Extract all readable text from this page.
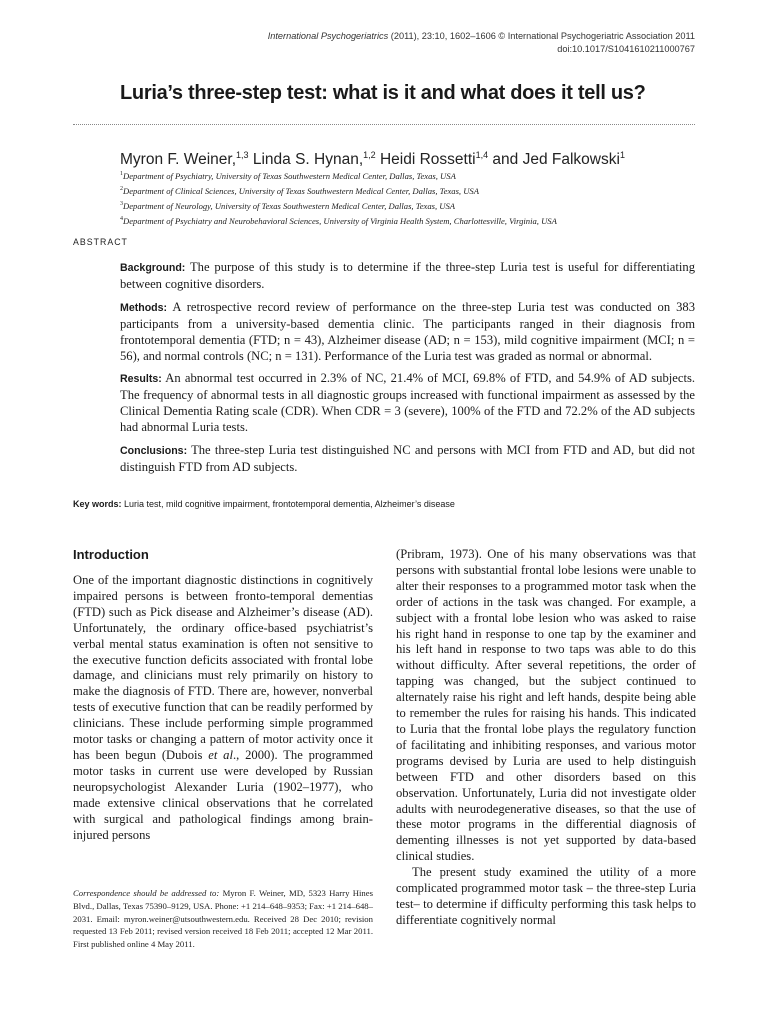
International Psychogeriatrics (2011), 23:10, 1602–1606 © International Psychogeriatric Association 2011
doi:10.1017/S1041610211000767
Luria’s three-step test: what is it and what does it tell us?
Myron F. Weiner,$^{1,3}$ Linda S. Hynan,$^{1,2}$ Heidi Rossetti$^{1,4}$ and Jed Falkowski$^1$
$^1$Department of Psychiatry, University of Texas Southwestern Medical Center, Dallas, Texas, USA
$^2$Department of Clinical Sciences, University of Texas Southwestern Medical Center, Dallas, Texas, USA
$^3$Department of Neurology, University of Texas Southwestern Medical Center, Dallas, Texas, USA
$^4$Department of Psychiatry and Neurobehavioral Sciences, University of Virginia Health System, Charlottesville, Virginia, USA
ABSTRACT

Background: The purpose of this study is to determine if the three-step Luria test is useful for differentiating between cognitive disorders.

Methods: A retrospective record review of performance on the three-step Luria test was conducted on 383 participants from a university-based dementia clinic. The participants ranged in their diagnosis from frontotemporal dementia (FTD; n = 43), Alzheimer disease (AD; n = 153), mild cognitive impairment (MCI; n = 56), and normal controls (NC; n = 131). Performance of the Luria test was graded as normal or abnormal.

Results: An abnormal test occurred in 2.3% of NC, 21.4% of MCI, 69.8% of FTD, and 54.9% of AD subjects. The frequency of abnormal tests in all diagnostic groups increased with functional impairment as assessed by the Clinical Dementia Rating scale (CDR). When CDR = 3 (severe), 100% of the FTD and 72.2% of the AD subjects had abnormal Luria tests.

Conclusions: The three-step Luria test distinguished NC and persons with MCI from FTD and AD, but did not distinguish FTD from AD subjects.

Key words: Luria test, mild cognitive impairment, frontotemporal dementia, Alzheimer’s disease
Introduction

One of the important diagnostic distinctions in cognitively impaired persons is between fronto-temporal dementias (FTD) such as Pick disease and Alzheimer’s disease (AD). Unfortunately, the ordinary office-based psychiatrist’s verbal mental status examination is often not sensitive to the executive function deficits associated with frontal lobe damage, and clinicians must rely primarily on history to make the diagnosis of FTD. There are, however, nonverbal tests of executive function that can be readily performed by clinicians. These include performing simple programmed motor tasks or changing a pattern of motor activity once it has been begun (Dubois et al., 2000). The programmed motor tasks in current use were developed by Russian neuropsychologist Alexander Luria (1902–1977), who made extensive clinical observations that he correlated with surgical and pathological findings among brain-injured persons

(Pribram, 1973). One of his many observations was that persons with substantial frontal lobe lesions were unable to alter their responses to a programmed motor task when the order of actions in the task was changed. For example, a subject with a frontal lobe lesion who was asked to raise his right hand in response to one tap by the examiner and his left hand in response to two taps was able to do this without difficulty. After several repetitions, the order of tapping was changed, but the subject continued to alternately raise his right and left hands, despite being able to remember the rules for raising his hands. This indicated to Luria that the frontal lobe plays the regulatory function of facilitating and inhibiting responses, and various motor programs devised by Luria are used to help distinguish between FTD and other disorders based on this observation. Unfortunately, Luria did not investigate older adults with neurodegenerative diseases, so that the use of these motor programs in the differential diagnosis of dementing illnesses is not yet supported by data-based clinical studies.

The present study examined the utility of a more complicated programmed motor task – the three-step Luria test– to determine if difficulty performing this task helps to differentiate cognitively normal

Correspondence should be addressed to: Myron F. Weiner, MD, 5323 Harry Hines Blvd., Dallas, Texas 75390–9129, USA. Phone: +1 214–648–9353; Fax: +1 214–648–2031. Email: myron.weiner@utsouthwestern.edu. Received 28 Dec 2010; revision requested 13 Feb 2011; revised version received 18 Feb 2011; accepted 12 Mar 2011. First published online 4 May 2011.
